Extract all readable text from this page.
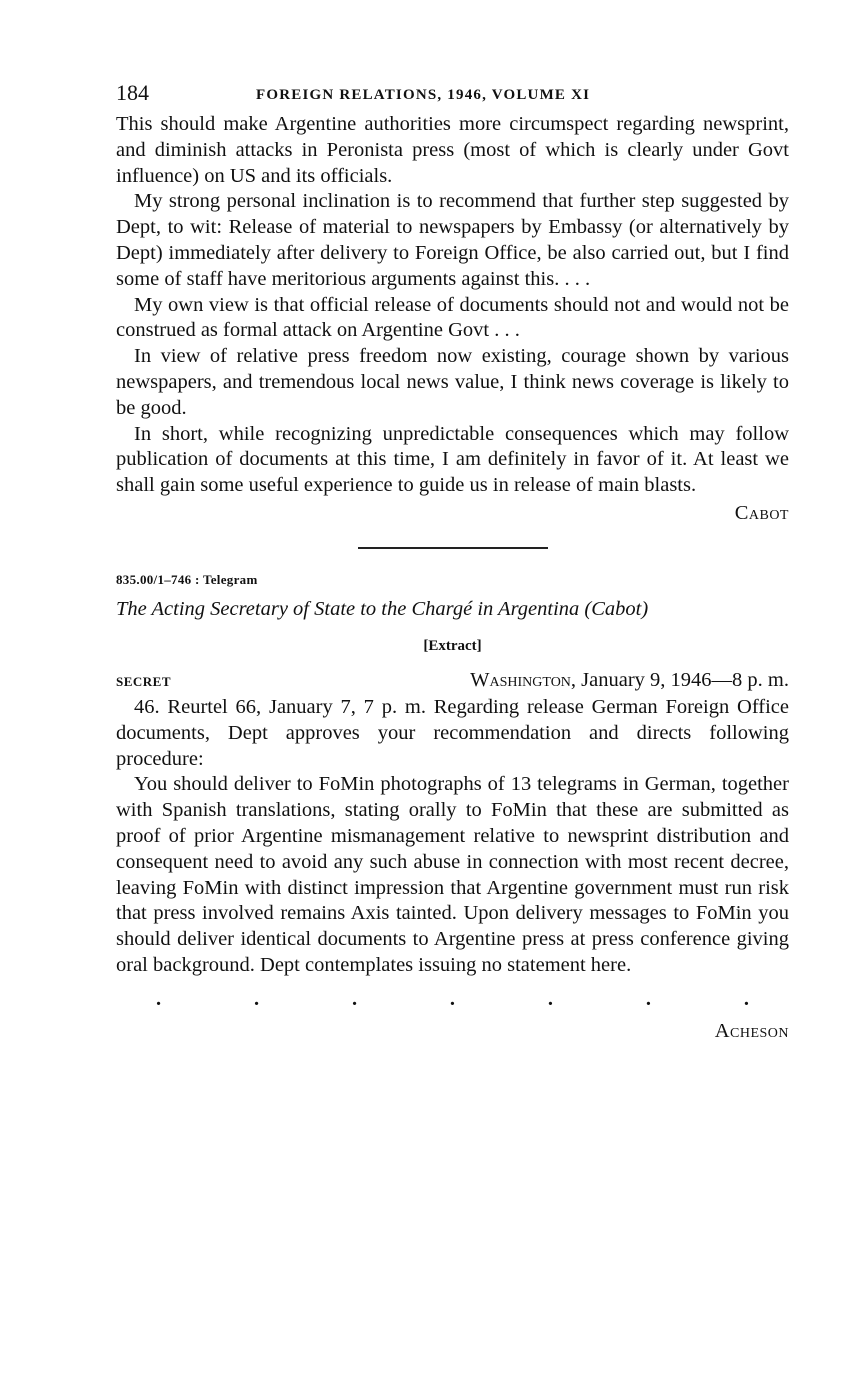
184	FOREIGN RELATIONS, 1946, VOLUME XI

This should make Argentine authorities more circumspect regarding newsprint, and diminish attacks in Peronista press (most of which is clearly under Govt influence) on US and its officials.

My strong personal inclination is to recommend that further step suggested by Dept, to wit: Release of material to newspapers by Embassy (or alternatively by Dept) immediately after delivery to Foreign Office, be also carried out, but I find some of staff have meritorious arguments against this. . . .

My own view is that official release of documents should not and would not be construed as formal attack on Argentine Govt . . .

In view of relative press freedom now existing, courage shown by various newspapers, and tremendous local news value, I think news coverage is likely to be good.

In short, while recognizing unpredictable consequences which may follow publication of documents at this time, I am definitely in favor of it. At least we shall gain some useful experience to guide us in release of main blasts.

Cabot
835.00/1–746 : Telegram
The Acting Secretary of State to the Chargé in Argentina (Cabot)
[Extract]
SECRET	Washington, January 9, 1946—8 p. m.

46. Reurtel 66, January 7, 7 p. m. Regarding release German Foreign Office documents, Dept approves your recommendation and directs following procedure:

You should deliver to FoMin photographs of 13 telegrams in German, together with Spanish translations, stating orally to FoMin that these are submitted as proof of prior Argentine mismanagement relative to newsprint distribution and consequent need to avoid any such abuse in connection with most recent decree, leaving FoMin with distinct impression that Argentine government must run risk that press involved remains Axis tainted. Upon delivery messages to FoMin you should deliver identical documents to Argentine press at press conference giving oral background. Dept contemplates issuing no statement here.

.	.	.	.	.	.	.
Acheson
